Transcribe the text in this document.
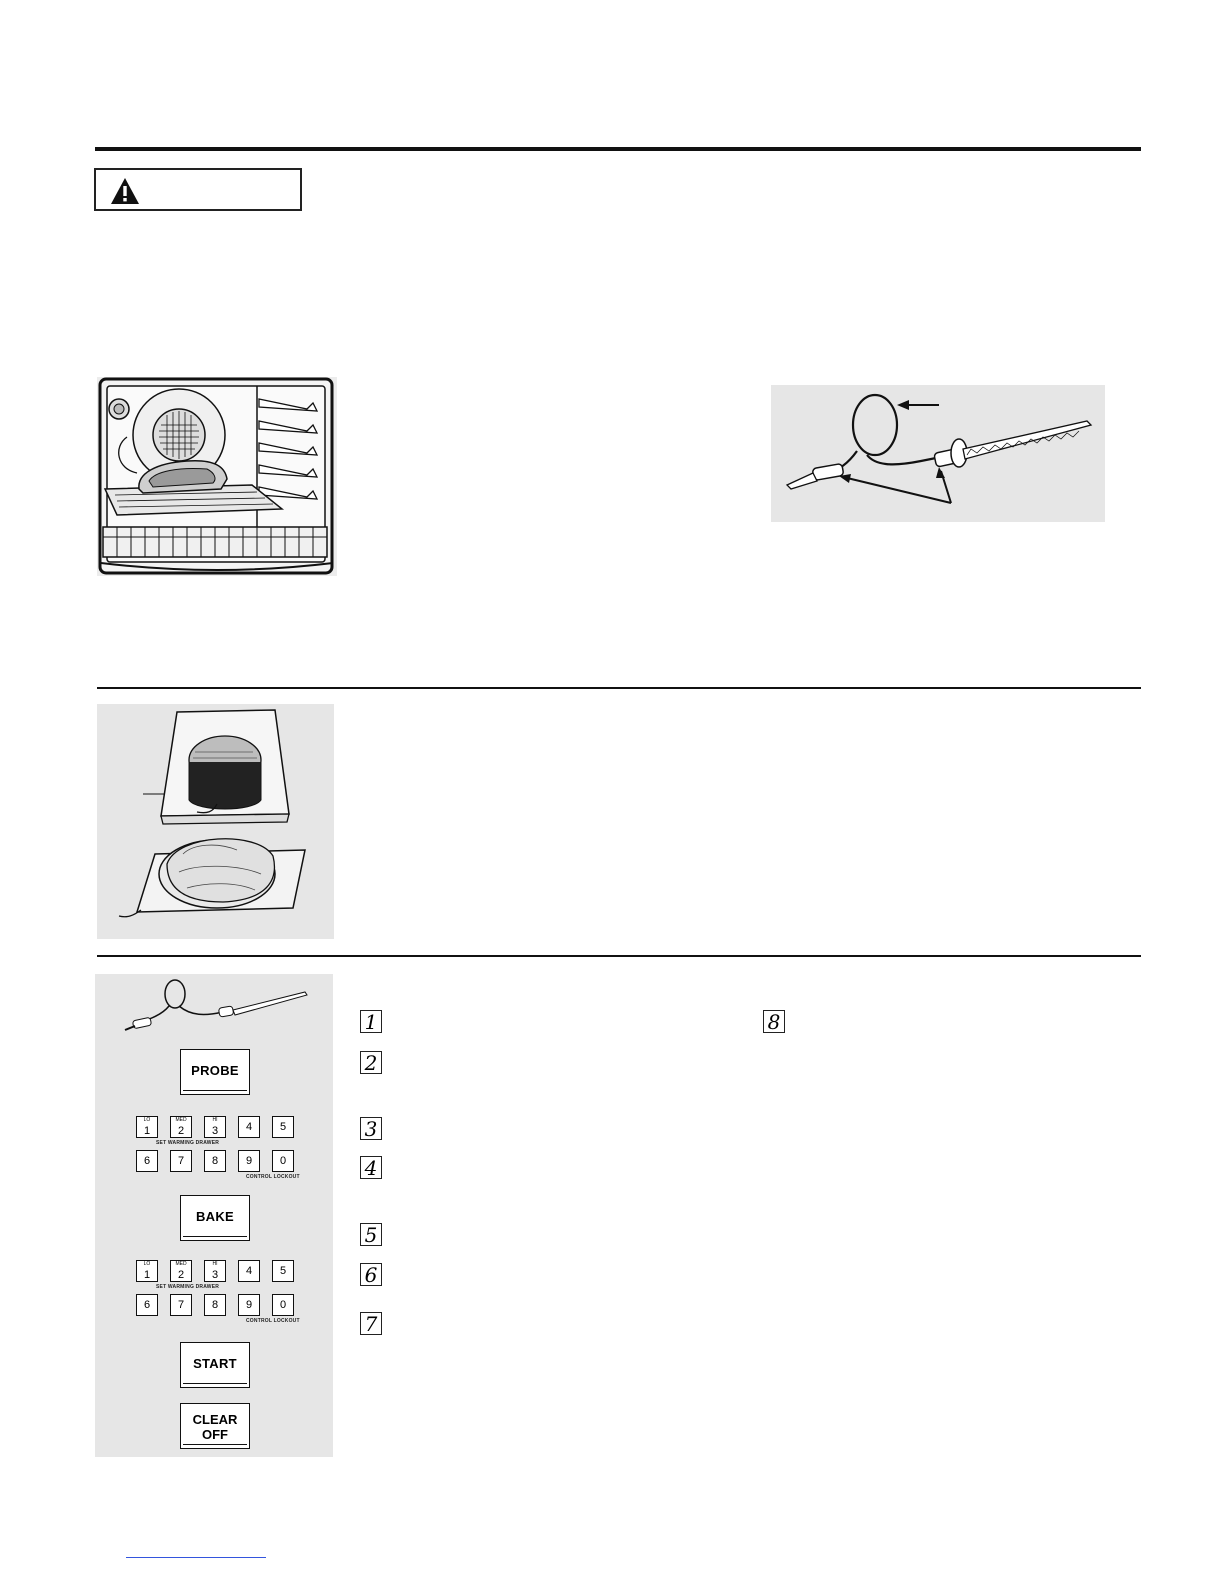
PROBE
LO
1
MED
2
HI
3	4	5
SET WARMING DRAWER
6	7	8	9	0
CONTROL LOCKOUT
BAKE
LO
1
MED
2
HI
3	4	5
SET WARMING DRAWER
6	7	8	9	0
CONTROL LOCKOUT
START
CLEAR
OFF
1	8
2
3
4
5
6
7
